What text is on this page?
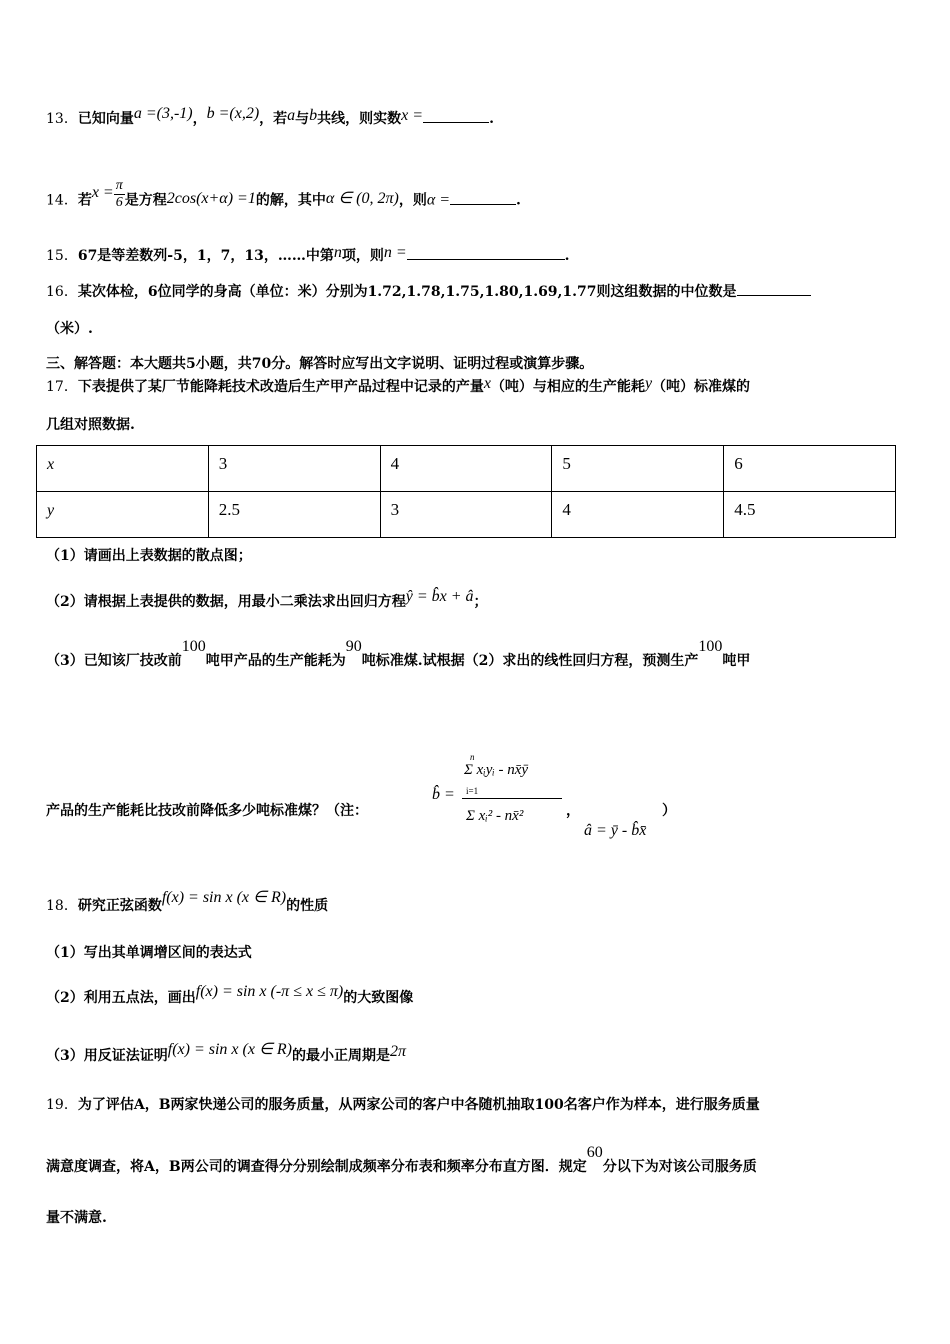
13．已知向量a =(3,‑1)，b =(x,2)，若a与b共线，则实数x =	.
14．若$x = \frac{\pi}{6}$ 是方程2cos(x+α) =1的解，其中α ∈ (0, 2π)，则α =	.
15．67是等差数列-5，1，7，13，……中第n项，则n =	.
16．某次体检，6位同学的身高（单位：米）分别为1.72,1.78,1.75,1.80,1.69,1.77则这组数据的中位数是
（米）.
三、解答题：本大题共5小题，共70分。解答时应写出文字说明、证明过程或演算步骤。
17．下表提供了某厂节能降耗技术改造后生产甲产品过程中记录的产量x（吨）与相应的生产能耗y（吨）标准煤的
几组对照数据.
x	3	4	5	6
y	2.5	3	4	4.5
（1）请画出上表数据的散点图；
（2）请根据上表提供的数据，用最小二乘法求出回归方程ŷ = b̂x + â；
（3）已知该厂技改前100吨甲产品的生产能耗为90吨标准煤.试根据（2）求出的线性回归方程，预测生产100吨甲
产品的生产能耗比技改前降低多少吨标准煤？（注：
b̂ =
n
i=1
Σ xᵢyᵢ - nx̄ȳ
Σ xᵢ² - nx̄²	，
â = ȳ - b̂x̄
）
18．研究正弦函数f(x) = sin x (x ∈ R)的性质
（1）写出其单调增区间的表达式
（2）利用五点法，画出f(x) = sin x (-π ≤ x ≤ π)的大致图像
（3）用反证法证明f(x) = sin x (x ∈ R)的最小正周期是2π
19．为了评估A，B两家快递公司的服务质量，从两家公司的客户中各随机抽取100名客户作为样本，进行服务质量
满意度调查，将A，B两公司的调查得分分别绘制成频率分布表和频率分布直方图．规定60分以下为对该公司服务质
量不满意.
